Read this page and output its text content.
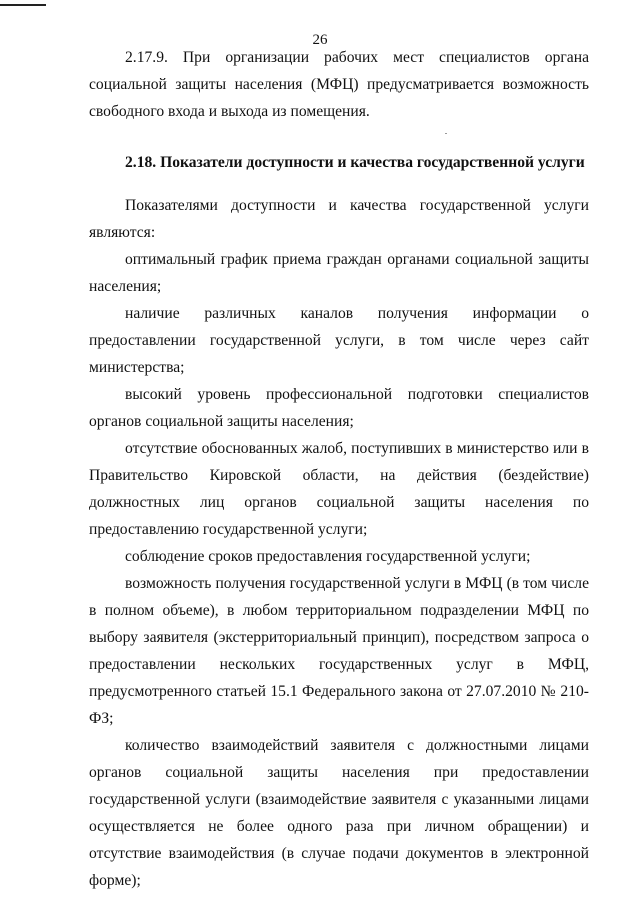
26

2.17.9. При организации рабочих мест специалистов органа социальной защиты населения (МФЦ) предусматривается возможность свободного входа и выхода из помещения.

2.18. Показатели доступности и качества государственной услуги

Показателями доступности и качества государственной услуги являются:

оптимальный график приема граждан органами социальной защиты населения;

наличие различных каналов получения информации о предоставлении государственной услуги, в том числе через сайт министерства;

высокий уровень профессиональной подготовки специалистов органов социальной защиты населения;

отсутствие обоснованных жалоб, поступивших в министерство или в Правительство Кировской области, на действия (бездействие) должностных лиц органов социальной защиты населения по предоставлению государственной услуги;

соблюдение сроков предоставления государственной услуги;

возможность получения государственной услуги в МФЦ (в том числе в полном объеме), в любом территориальном подразделении МФЦ по выбору заявителя (экстерриториальный принцип), посредством запроса о предоставлении нескольких государственных услуг в МФЦ, предусмотренного статьей 15.1 Федерального закона от 27.07.2010 № 210-ФЗ;

количество взаимодействий заявителя с должностными лицами органов социальной защиты населения при предоставлении государственной услуги (взаимодействие заявителя с указанными лицами осуществляется не более одного раза при личном обращении) и отсутствие взаимодействия (в случае подачи документов в электронной форме);
